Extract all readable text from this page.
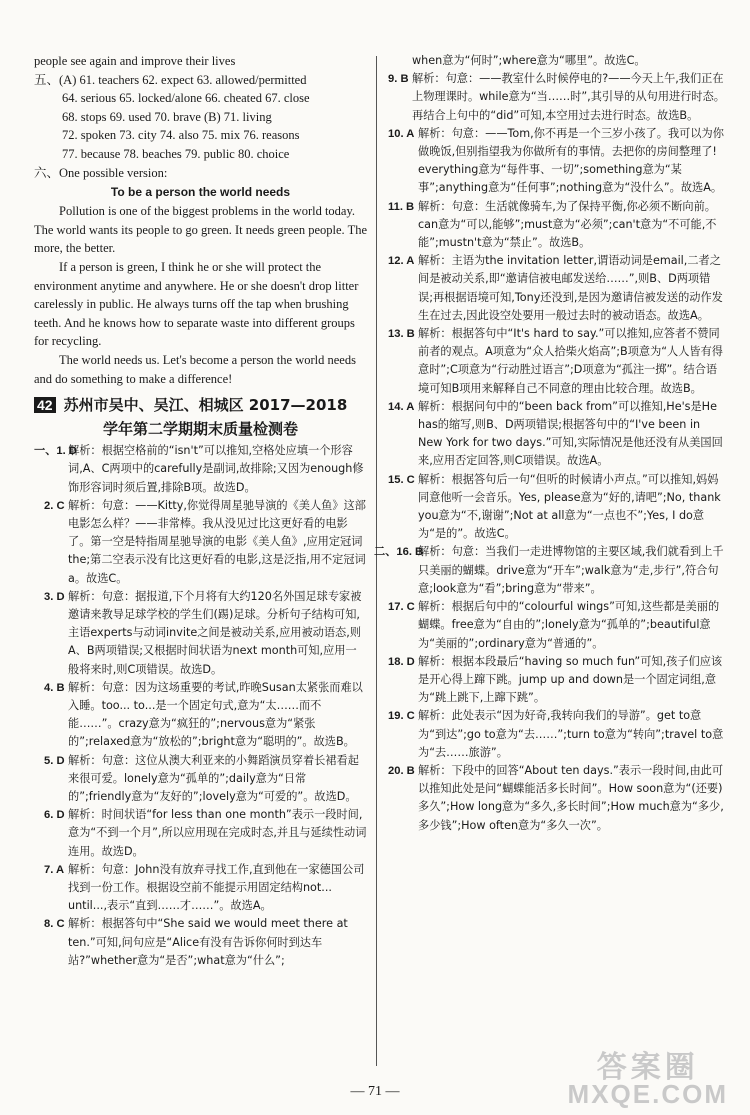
people see again and improve their lives

五、(A) 61. teachers 62. expect 63. allowed/permitted

64. serious 65. locked/alone 66. cheated 67. close

68. stops 69. used 70. brave (B) 71. living

72. spoken 73. city 74. also 75. mix 76. reasons

77. because 78. beaches 79. public 80. choice

六、One possible version:

To be a person the world needs

Pollution is one of the biggest problems in the world today. The world wants its people to go green. It needs green people. The more, the better.

If a person is green, I think he or she will protect the environment anytime and anywhere. He or she doesn't drop litter carelessly in public. He always turns off the tap when brushing teeth. And he knows how to separate waste into different groups for recycling.

The world needs us. Let's become a person the world needs and do something to make a difference!

42 苏州市吴中、吴江、相城区 2017—2018

学年第二学期期末质量检测卷

一、1. D
解析：根据空格前的“isn't”可以推知,空格处应填一个形容词,A、C两项中的carefully是副词,故排除;又因为enough修饰形容词时须后置,排除B项。故选D。
2. C 解析：句意：——Kitty,你觉得周星驰导演的《美人鱼》这部电影怎么样？——非常棒。我从没见过比这更好看的电影了。第一空是特指周星驰导演的电影《美人鱼》,应用定冠词the;第二空表示没有比这更好看的电影,这是泛指,用不定冠词a。故选C。
3. D 解析：句意：据报道,下个月将有大约120名外国足球专家被邀请来教导足球学校的学生们(踢)足球。分析句子结构可知,主语experts与动词invite之间是被动关系,应用被动语态,则A、B两项错误;又根据时间状语为next month可知,应用一般将来时,则C项错误。故选D。
4. B 解析：句意：因为这场重要的考试,昨晚Susan太紧张而难以入睡。too... to...是一个固定句式,意为“太……而不能……”。crazy意为“疯狂的”;nervous意为“紧张的”;relaxed意为“放松的”;bright意为“聪明的”。故选B。
5. D 解析：句意：这位从澳大利亚来的小舞蹈演员穿着长裙看起来很可爱。lonely意为“孤单的”;daily意为“日常的”;friendly意为“友好的”;lovely意为“可爱的”。故选D。
6. D 解析：时间状语“for less than one month”表示一段时间,意为“不到一个月”,所以应用现在完成时态,并且与延续性动词连用。故选D。
7. A 解析：句意：John没有放弃寻找工作,直到他在一家德国公司找到一份工作。根据设空前不能提示用固定结构not... until...,表示“直到……才……”。故选A。
8. C 解析：根据答句中“She said we would meet there at ten.”可知,问句应是“Alice有没有告诉你何时到达车站?”whether意为“是否”;what意为“什么”;

when意为“何时”;where意为“哪里”。故选C。

9. B 解析：句意：——教室什么时候停电的?——今天上午,我们正在上物理课时。while意为“当……时”,其引导的从句用进行时态。再结合上句中的“did”可知,本空用过去进行时态。故选B。
10. A 解析：句意：——Tom,你不再是一个三岁小孩了。我可以为你做晚饭,但别指望我为你做所有的事情。去把你的房间整理了! everything意为“每件事、一切”;something意为“某事”;anything意为“任何事”;nothing意为“没什么”。故选A。
11. B 解析：句意：生活就像骑车,为了保持平衡,你必须不断向前。can意为“可以,能够”;must意为“必须”;can't意为“不可能,不能”;mustn't意为“禁止”。故选B。
12. A 解析：主语为the invitation letter,谓语动词是email,二者之间是被动关系,即“邀请信被电邮发送给……”,则B、D两项错误;再根据语境可知,Tony还没到,是因为邀请信被发送的动作发生在过去,因此设空处要用一般过去时的被动语态。故选A。
13. B 解析：根据答句中“It's hard to say.”可以推知,应答者不赞同前者的观点。A项意为“众人拾柴火焰高”;B项意为“人人皆有得意时”;C项意为“行动胜过语言”;D项意为“孤注一掷”。结合语境可知B项用来解释自己不同意的理由比较合理。故选B。
14. A 解析：根据问句中的“been back from”可以推知,He's是He has的缩写,则B、D两项错误;根据答句中的“I've been in New York for two days.”可知,实际情况是他还没有从美国回来,应用否定回答,则C项错误。故选A。
15. C 解析：根据答句后一句“但听的时候请小声点。”可以推知,妈妈同意他听一会音乐。Yes, please意为“好的,请吧”;No, thank you意为“不,谢谢”;Not at all意为“一点也不”;Yes, I do意为“是的”。故选C。
二、16. B
解析：句意：当我们一走进博物馆的主要区域,我们就看到上千只美丽的蝴蝶。drive意为“开车”;walk意为“走,步行”,符合句意;look意为“看”;bring意为“带来”。
17. C 解析：根据后句中的“colourful wings”可知,这些都是美丽的蝴蝶。free意为“自由的”;lonely意为“孤单的”;beautiful意为“美丽的”;ordinary意为“普通的”。
18. D 解析：根据本段最后“having so much fun”可知,孩子们应该是开心得上蹿下跳。jump up and down是一个固定词组,意为“跳上跳下,上蹿下跳”。
19. C 解析：此处表示“因为好奇,我转向我们的导游”。get to意为“到达”;go to意为“去……”;turn to意为“转向”;travel to意为“去……旅游”。
20. B 解析：下段中的回答“About ten days.”表示一段时间,由此可以推知此处是问“蝴蝶能活多长时间”。How soon意为“(还要)多久”;How long意为“多久,多长时间”;How much意为“多少,多少钱”;How often意为“多久一次”。
— 71 —
答案圈
MXQE.COM
